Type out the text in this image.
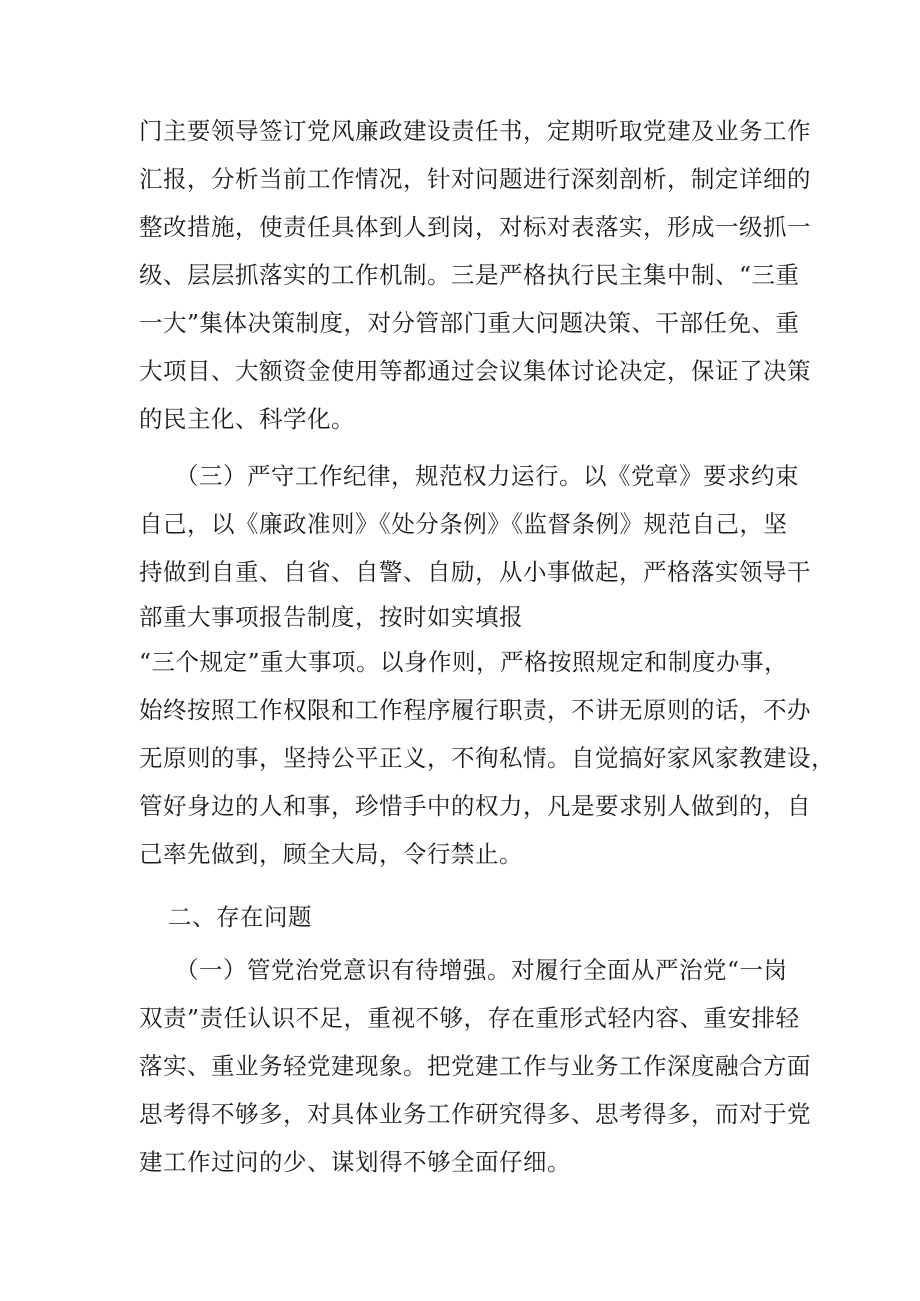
门主要领导签订党风廉政建设责任书，定期听取党建及业务工作
汇报，分析当前工作情况，针对问题进行深刻剖析，制定详细的
整改措施，使责任具体到人到岗，对标对表落实，形成一级抓一
级、层层抓落实的工作机制。三是严格执行民主集中制、“三重
一大”集体决策制度，对分管部门重大问题决策、干部任免、重
大项目、大额资金使用等都通过会议集体讨论决定，保证了决策
的民主化、科学化。
（三）严守工作纪律，规范权力运行。以《党章》要求约束
自己，以《廉政准则》《处分条例》《监督条例》规范自己，坚
持做到自重、自省、自警、自励，从小事做起，严格落实领导干
部重大事项报告制度，按时如实填报
“三个规定”重大事项。以身作则，严格按照规定和制度办事，
始终按照工作权限和工作程序履行职责，不讲无原则的话，不办
无原则的事，坚持公平正义，不徇私情。自觉搞好家风家教建设，
管好身边的人和事，珍惜手中的权力，凡是要求别人做到的，自
己率先做到，顾全大局，令行禁止。
二、存在问题
（一）管党治党意识有待增强。对履行全面从严治党“一岗
双责”责任认识不足，重视不够，存在重形式轻内容、重安排轻
落实、重业务轻党建现象。把党建工作与业务工作深度融合方面
思考得不够多，对具体业务工作研究得多、思考得多，而对于党
建工作过问的少、谋划得不够全面仔细。
